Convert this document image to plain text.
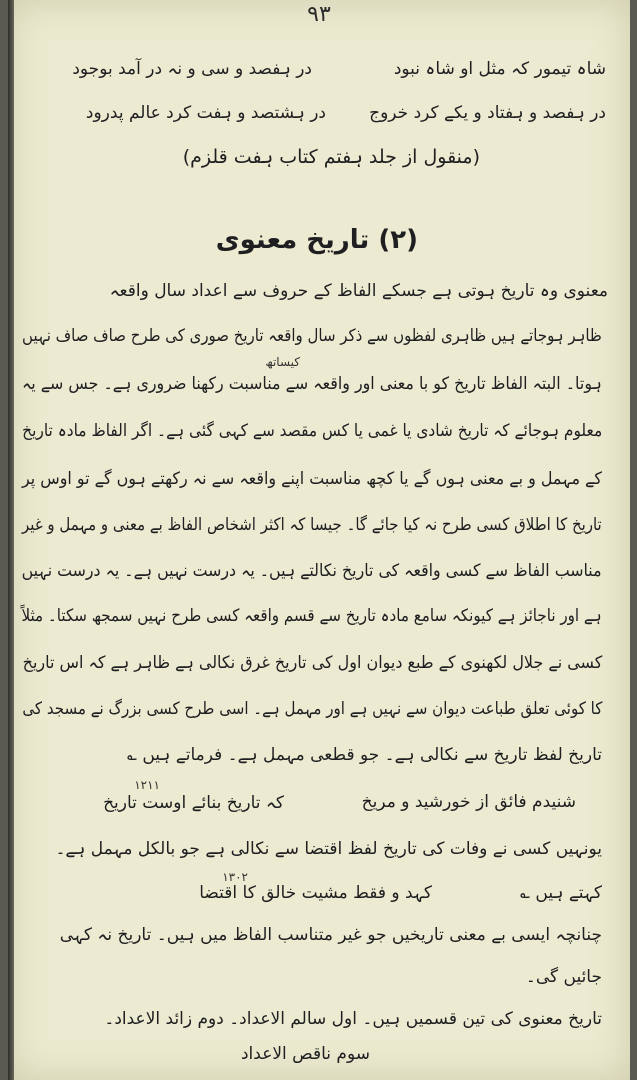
۹۳
شاہ تیمور کہ مثل او شاہ نبود
در ہفصد و سی و نہ در آمد بوجود
در ہفصد و ہفتاد و یکے کرد خروج
در ہشتصد و ہفت کرد عالم پدرود
(منقول از جلد ہفتم کتاب ہفت قلزم)
(۲) تاریخ معنوی
معنوی وہ تاریخ ہوتی ہے جسکے الفاظ کے حروف سے اعداد سال واقعہ
ظاہر ہوجاتے ہیں ظاہری لفظوں سے ذکر سال واقعہ تاریخ صوری کی طرح صاف صاف نہیں
کیساتھ
ہوتا۔ البتہ الفاظ تاریخ کو با معنی اور واقعہ سے مناسبت رکھنا ضروری ہے۔ جس سے یہ
معلوم ہوجائے کہ تاریخ شادی یا غمی یا کس مقصد سے کہی گئی ہے۔ اگر الفاظ مادہ تاریخ
کے مہمل و بے معنی ہوں گے یا کچھ مناسبت اپنے واقعہ سے نہ رکھتے ہوں گے تو اوس پر
تاریخ کا اطلاق کسی طرح نہ کیا جائے گا۔ جیسا کہ اکثر اشخاص الفاظ بے معنی و مہمل و غیر
مناسب الفاظ سے کسی واقعہ کی تاریخ نکالتے ہیں۔ یہ درست نہیں ہے۔ یہ درست نہیں
ہے اور ناجائز ہے کیونکہ سامع مادہ تاریخ سے قسم واقعہ کسی طرح نہیں سمجھ سکتا۔ مثلاً
کسی نے جلال لکھنوی کے طبع دیوان اول کی تاریخ غرق نکالی ہے ظاہر ہے کہ اس تاریخ
کا کوئی تعلق طباعت دیوان سے نہیں ہے اور مہمل ہے۔ اسی طرح کسی بزرگ نے مسجد کی
تاریخ لفظ تاریخ سے نکالی ہے۔ جو قطعی مہمل ہے۔ فرماتے ہیں ؎
۱۲۱۱
شنیدم فائق از خورشید و مریخ
کہ تاریخ بنائے اوست تاریخ
یونہیں کسی نے وفات کی تاریخ لفظ اقتضا سے نکالی ہے جو بالکل مہمل ہے۔
کہتے ہیں ؎
۱۳۰۲
کہد و فقط مشیت خالق کا اقتضا
چنانچہ ایسی بے معنی تاریخیں جو غیر متناسب الفاظ میں ہیں۔ تاریخ نہ کہی
جائیں گی۔
تاریخ معنوی کی تین قسمیں ہیں۔ اول سالم الاعداد۔ دوم زائد الاعداد۔
سوم ناقص الاعداد
